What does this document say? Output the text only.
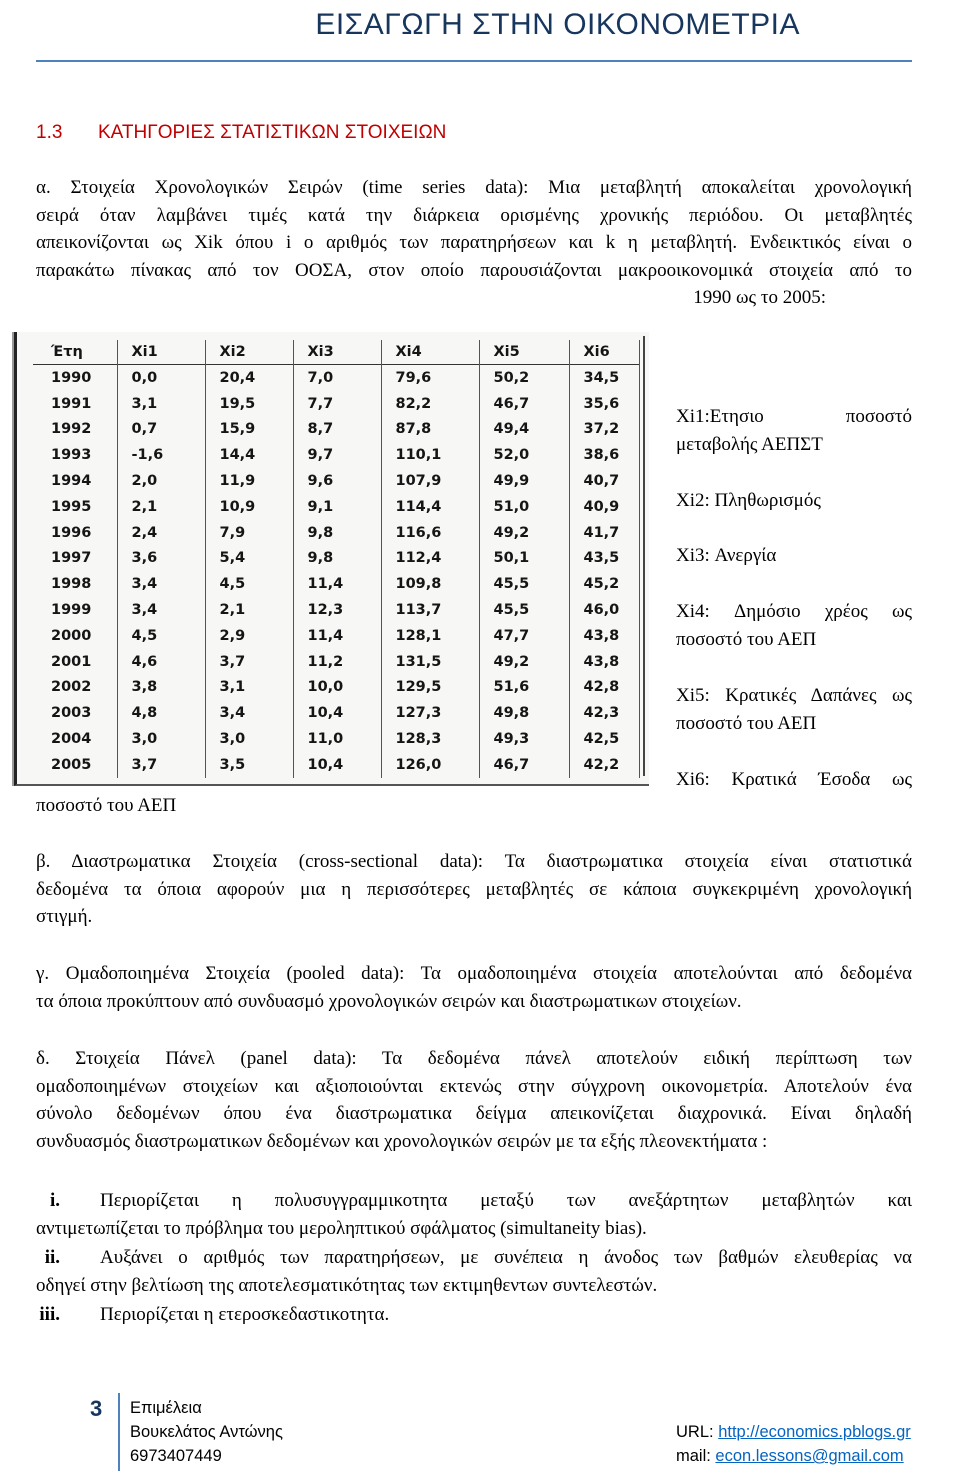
ΕΙΣΑΓΩΓΗ ΣΤΗΝ ΟΙΚΟΝΟΜΕΤΡΙΑ
1.3 ΚΑΤΗΓΟΡΙΕΣ ΣΤΑΤΙΣΤΙΚΩΝ ΣΤΟΙΧΕΙΩΝ
α. Στοιχεία Χρονολογικών Σειρών (time series data): Μια μεταβλητή αποκαλείται χρονολογική
σειρά όταν λαμβάνει τιμές κατά την διάρκεια ορισμένης χρονικής περιόδου. Οι μεταβλητές
απεικονίζονται ως Xik όπου i ο αριθμός των παρατηρήσεων και k η μεταβλητή. Ενδεικτικός είναι ο
παρακάτω πίνακας από τον ΟΟΣΑ, στον οποίο παρουσιάζονται μακροοικονομικά στοιχεία από το
1990 ως το 2005:
Έτη	Xi1	Xi2	Xi3	Xi4	Xi5	Xi6
1990	0,0	20,4	7,0	79,6	50,2	34,5
1991	3,1	19,5	7,7	82,2	46,7	35,6
1992	0,7	15,9	8,7	87,8	49,4	37,2
1993	-1,6	14,4	9,7	110,1	52,0	38,6
1994	2,0	11,9	9,6	107,9	49,9	40,7
1995	2,1	10,9	9,1	114,4	51,0	40,9
1996	2,4	7,9	9,8	116,6	49,2	41,7
1997	3,6	5,4	9,8	112,4	50,1	43,5
1998	3,4	4,5	11,4	109,8	45,5	45,2
1999	3,4	2,1	12,3	113,7	45,5	46,0
2000	4,5	2,9	11,4	128,1	47,7	43,8
2001	4,6	3,7	11,2	131,5	49,2	43,8
2002	3,8	3,1	10,0	129,5	51,6	42,8
2003	4,8	3,4	10,4	127,3	49,8	42,3
2004	3,0	3,0	11,0	128,3	49,3	42,5
2005	3,7	3,5	10,4	126,0	46,7	42,2
Xi1:Ετησιο ποσοστό
μεταβολής ΑΕΠΣΤ
Xi2: Πληθωρισμός
Xi3: Ανεργία
Xi4: Δημόσιο χρέος ως
ποσοστό του ΑΕΠ
Xi5: Κρατικές Δαπάνες ως
ποσοστό του ΑΕΠ
Xi6: Κρατικά Έσοδα ως
ποσοστό του ΑΕΠ
β. Διαστρωματικα Στοιχεία (cross-sectional data): Τα διαστρωματικα στοιχεία είναι στατιστικά
δεδομένα τα όποια αφορούν μια η περισσότερες μεταβλητές σε κάποια συγκεκριμένη χρονολογική
στιγμή.
γ. Ομαδοποιημένα Στοιχεία (pooled data): Τα ομαδοποιημένα στοιχεία αποτελούνται από δεδομένα
τα όποια προκύπτουν από συνδυασμό χρονολογικών σειρών και διαστρωματικων στοιχείων.
δ. Στοιχεία Πάνελ (panel data): Τα δεδομένα πάνελ αποτελούν ειδική περίπτωση των
ομαδοποιημένων στοιχείων και αξιοποιούνται εκτενώς στην σύγχρονη οικονομετρία. Αποτελούν ένα
σύνολο δεδομένων όπου ένα διαστρωματικα δείγμα απεικονίζεται διαχρονικά. Είναι δηλαδή
συνδυασμός διαστρωματικων δεδομένων και χρονολογικών σειρών με τα εξής πλεονεκτήματα :
i.	Περιορίζεται η πολυσυγγραμμικοτητα μεταξύ των ανεξάρτητων μεταβλητών και
αντιμετωπίζεται το πρόβλημα του μεροληπτικού σφάλματος (simultaneity bias).
ii.	Αυξάνει ο αριθμός των παρατηρήσεων, με συνέπεια η άνοδος των βαθμών ελευθερίας να
οδηγεί στην βελτίωση της αποτελεσματικότητας των εκτιμηθεντων συντελεστών.
iii.	Περιορίζεται η ετεροσκεδαστικοτητα.
3 Επιμέλεια
Βουκελάτος Αντώνης
6973407449
URL: http://economics.pblogs.gr
mail: econ.lessons@gmail.com
